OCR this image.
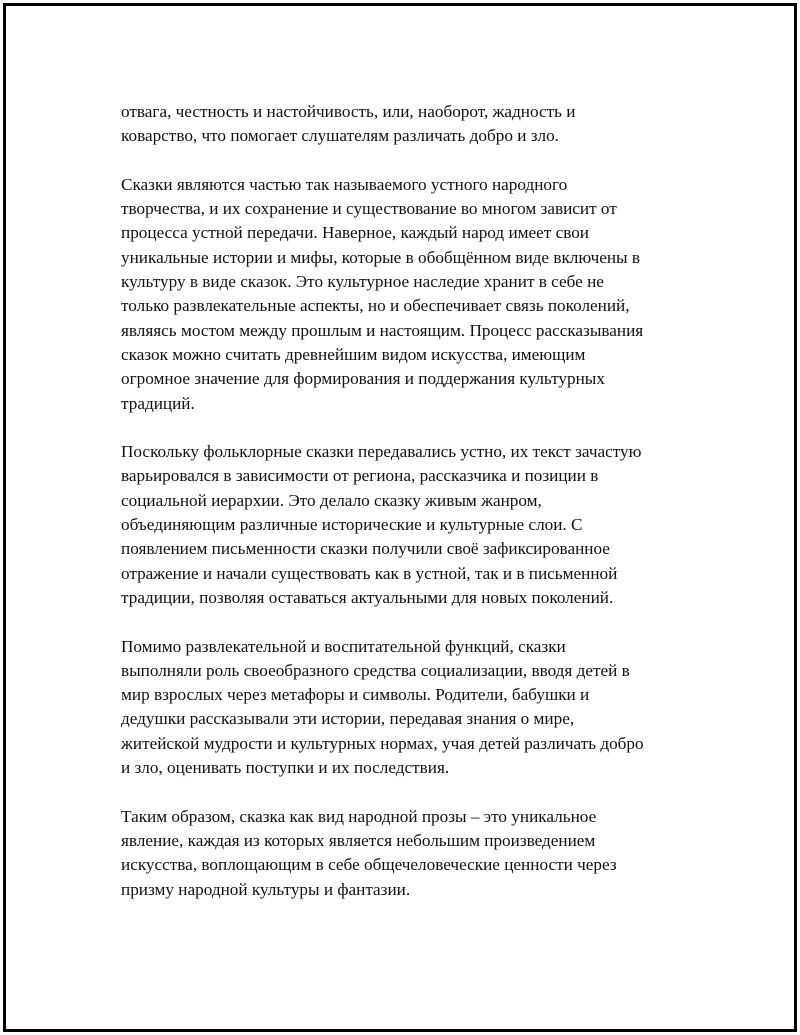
отвага, честность и настойчивость, или, наоборот, жадность и
коварство, что помогает слушателям различать добро и зло.

Сказки являются частью так называемого устного народного
творчества, и их сохранение и существование во многом зависит от
процесса устной передачи. Наверное, каждый народ имеет свои
уникальные истории и мифы, которые в обобщённом виде включены в
культуру в виде сказок. Это культурное наследие хранит в себе не
только развлекательные аспекты, но и обеспечивает связь поколений,
являясь мостом между прошлым и настоящим. Процесс рассказывания
сказок можно считать древнейшим видом искусства, имеющим
огромное значение для формирования и поддержания культурных
традиций.

Поскольку фольклорные сказки передавались устно, их текст зачастую
варьировался в зависимости от региона, рассказчика и позиции в
социальной иерархии. Это делало сказку живым жанром,
объединяющим различные исторические и культурные слои. С
появлением письменности сказки получили своё зафиксированное
отражение и начали существовать как в устной, так и в письменной
традиции, позволяя оставаться актуальными для новых поколений.

Помимо развлекательной и воспитательной функций, сказки
выполняли роль своеобразного средства социализации, вводя детей в
мир взрослых через метафоры и символы. Родители, бабушки и
дедушки рассказывали эти истории, передавая знания о мире,
житейской мудрости и культурных нормах, учая детей различать добро
и зло, оценивать поступки и их последствия.

Таким образом, сказка как вид народной прозы – это уникальное
явление, каждая из которых является небольшим произведением
искусства, воплощающим в себе общечеловеческие ценности через
призму народной культуры и фантазии.
